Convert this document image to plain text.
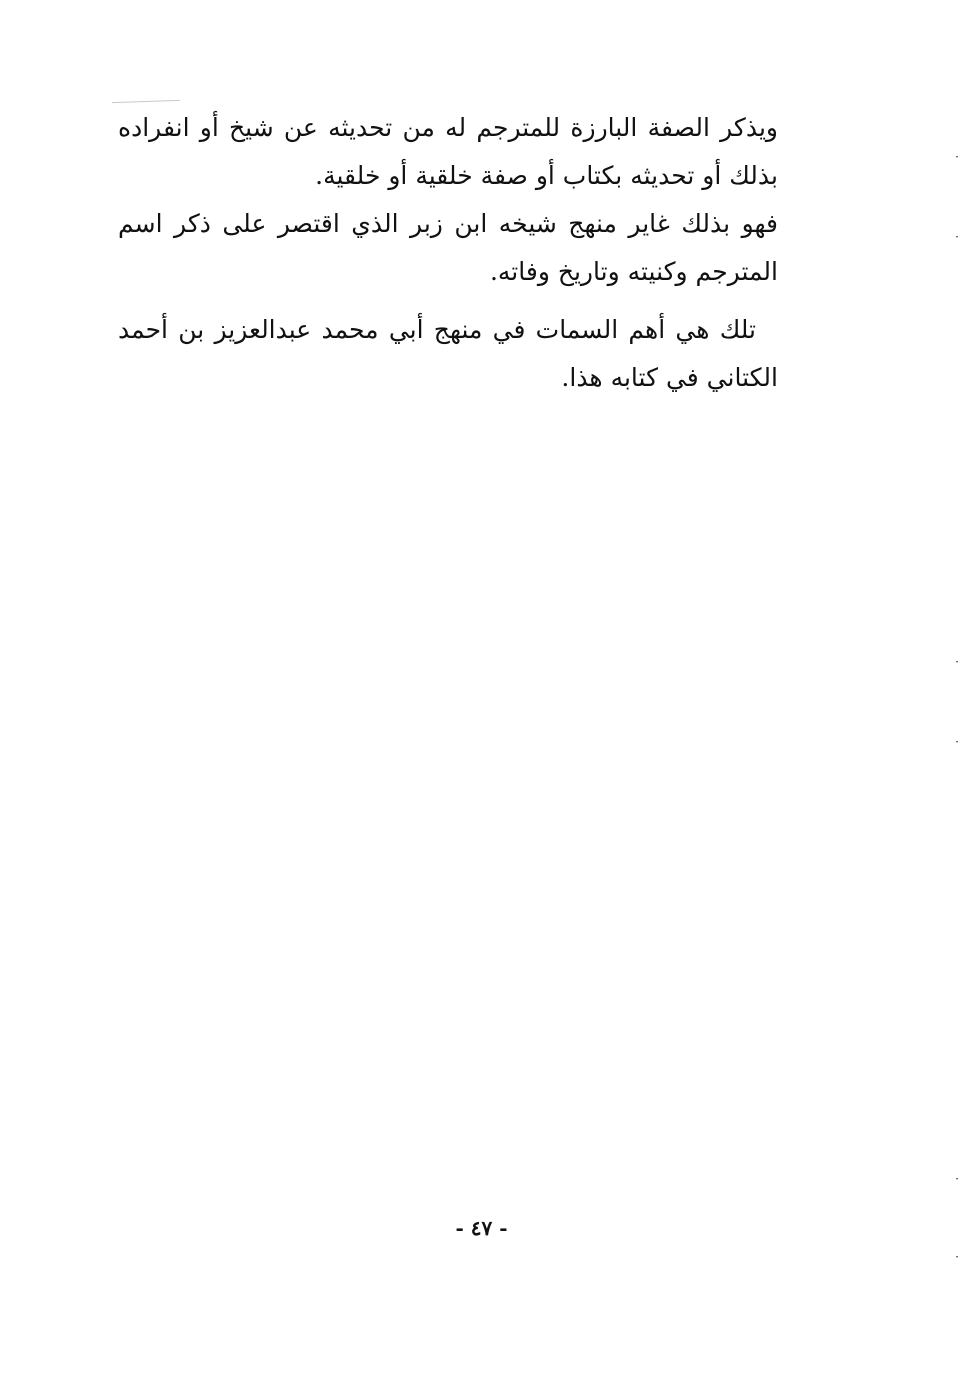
ويذكر الصفة البارزة للمترجم له من تحديثه عن شيخ أو انفراده بذلك أو تحديثه بكتاب أو صفة خلقية أو خلقية.

فهو بذلك غاير منهج شيخه ابن زبر الذي اقتصر على ذكر اسم المترجم وكنيته وتاريخ وفاته.

تلك هي أهم السمات في منهج أبي محمد عبدالعزيز بن أحمد الكتاني في كتابه هذا.

- ٤٧ -
·
·
·
·
·
·
